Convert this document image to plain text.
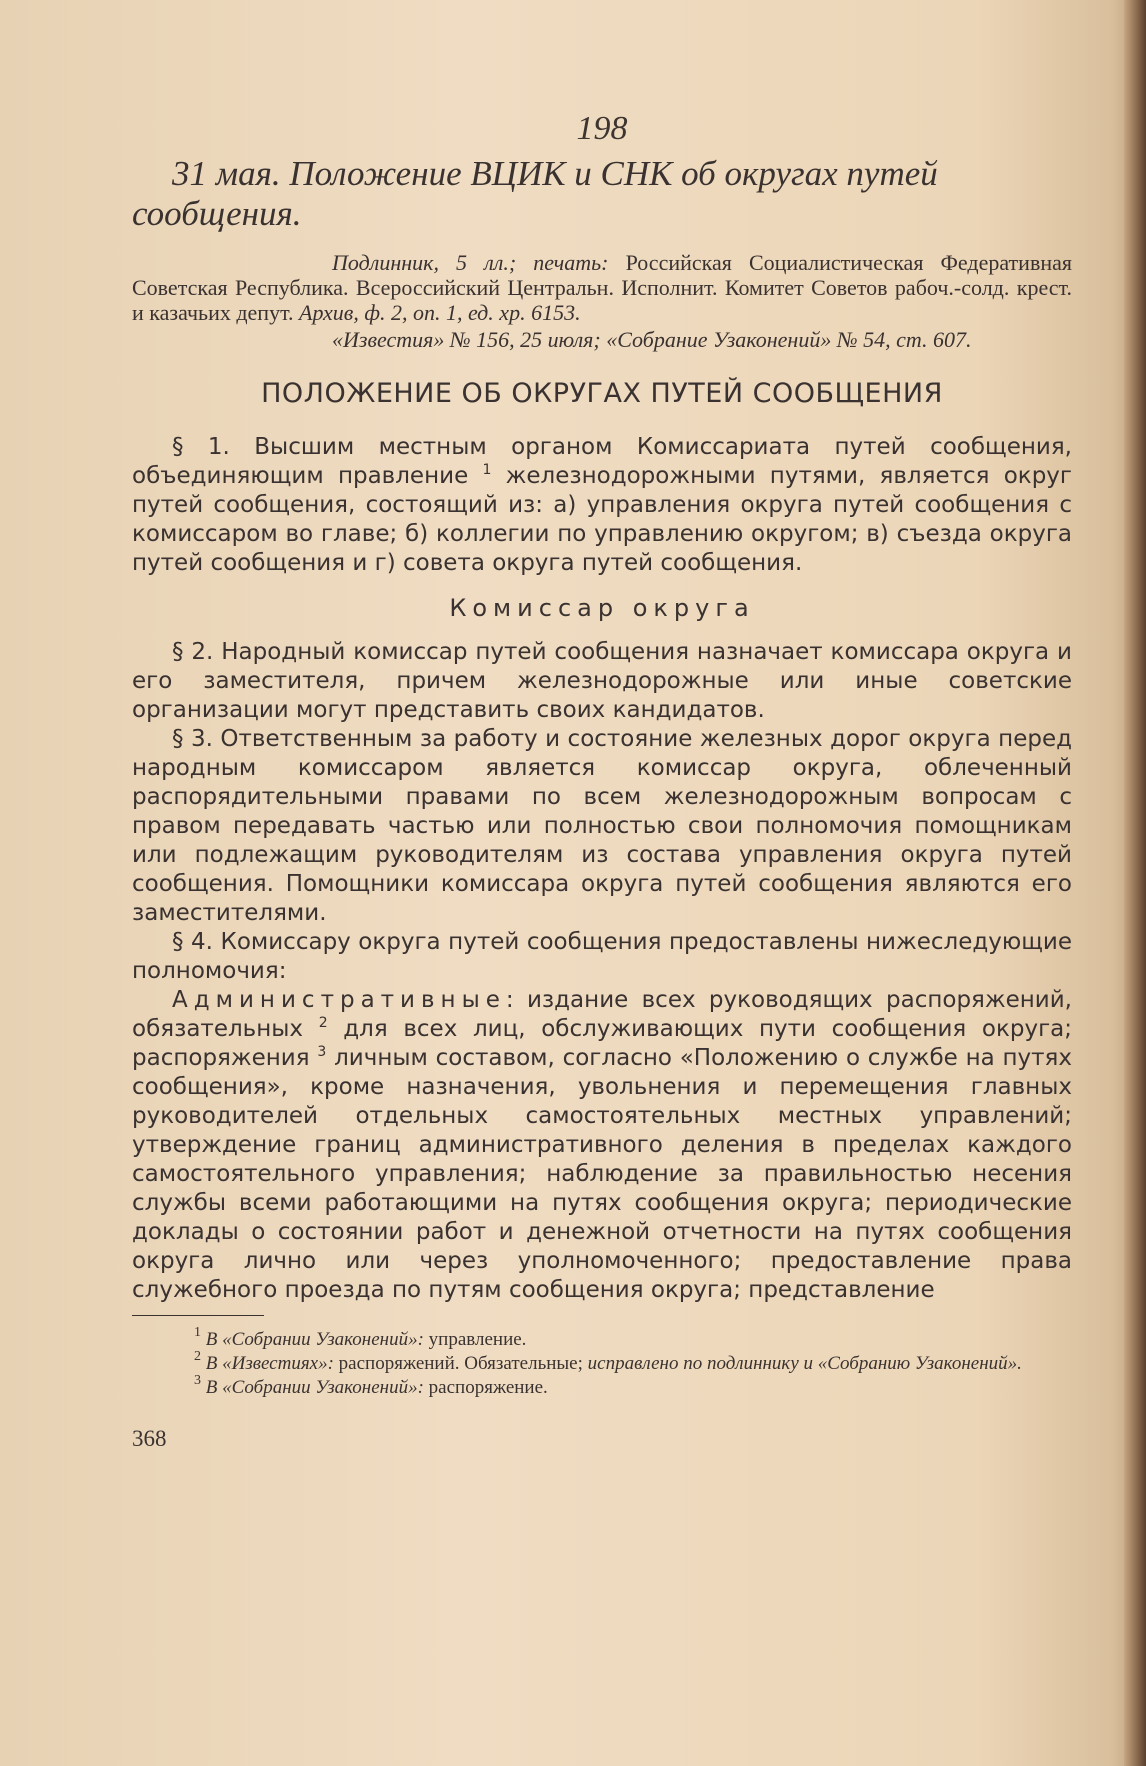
198
31 мая. Положение ВЦИК и СНК об округах путей сообщения.

Подлинник, 5 лл.; печать: Российская Социалистическая Федеративная Советская Республика. Всероссийский Центральн. Исполнит. Комитет Советов рабоч.-солд. крест. и казачьих депут. Архив, ф. 2, оп. 1, ед. хр. 6153.

«Известия» № 156, 25 июля; «Собрание Узаконений» № 54, ст. 607.

ПОЛОЖЕНИЕ ОБ ОКРУГАХ ПУТЕЙ СООБЩЕНИЯ

§ 1. Высшим местным органом Комиссариата путей сообщения, объединяющим правление $^1$ железнодорожными путями, является округ путей сообщения, состоящий из: а) управления округа путей сообщения с комиссаром во главе; б) коллегии по управлению округом; в) съезда округа путей сообщения и г) совета округа путей сообщения.

Комиссар округа

§ 2. Народный комиссар путей сообщения назначает комиссара округа и его заместителя, причем железнодорожные или иные советские организации могут представить своих кандидатов.

§ 3. Ответственным за работу и состояние железных дорог округа перед народным комиссаром является комиссар округа, облеченный распорядительными правами по всем железнодорожным вопросам с правом передавать частью или полностью свои полномочия помощникам или подлежащим руководителям из состава управления округа путей сообщения. Помощники комиссара округа путей сообщения являются его заместителями.

§ 4. Комиссару округа путей сообщения предоставлены нижеследующие полномочия:

Административные: издание всех руководящих распоряжений, обязательных $^2$ для всех лиц, обслуживающих пути сообщения округа; распоряжения $^3$ личным составом, согласно «Положению о службе на путях сообщения», кроме назначения, увольнения и перемещения главных руководителей отдельных самостоятельных местных управлений; утверждение границ административного деления в пределах каждого самостоятельного управления; наблюдение за правильностью несения службы всеми работающими на путях сообщения округа; периодические доклады о состоянии работ и денежной отчетности на путях сообщения округа лично или через уполномоченного; предоставление права служебного проезда по путям сообщения округа; представление

$^1$ В «Собрании Узаконений»: управление.

$^2$ В «Известиях»: распоряжений. Обязательные; исправлено по подлиннику и «Собранию Узаконений».

$^3$ В «Собрании Узаконений»: распоряжение.

368
